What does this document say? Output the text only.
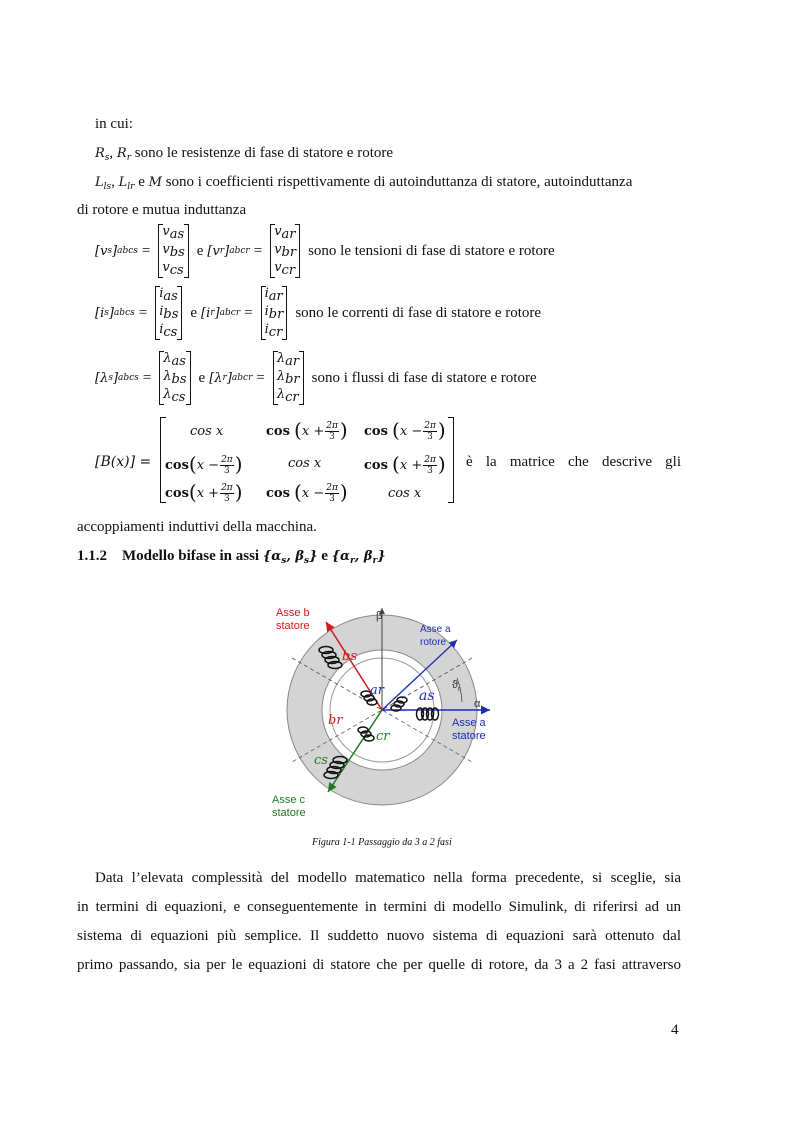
in cui:
$R_s$, $R_r$ sono le resistenze di fase di statore e rotore
$L_{ls}$, $L_{lr}$ e M sono i coefficienti rispettivamente di autoinduttanza di statore, autoinduttanza
di rotore e mutua induttanza
[v s ] abcs =
vas
vbs
vcs
e [v r ] abcr =
var
vbr
vcr
sono le tensioni di fase di statore e rotore
[i s ] abcs =
ias
ibs
ics
e [i r ] abcr =
iar
ibr
icr
sono le correnti di fase di statore e rotore
[λ s ] abcs =
λas
λbs
λcs
e [λ r ] abcr =
λar
λbr
λcr
sono i flussi di fase di statore e rotore
[B(x)] =
cos x	$\cos (x + \frac{2\pi}{3}$ ) $\cos (x - \frac{2\pi}{3}$ )
$\cos(x - \frac{2\pi}{3}$ )	cos x	$\cos (x + \frac{2\pi}{3}$ )
$\cos(x + \frac{2\pi}{3}$ ) $\cos (x - \frac{2\pi}{3}$ )	cos x
è la matrice che descrive gli
accoppiamenti induttivi della macchina.
1.1.2 Modello bifase in assi {$\alpha_s$, $\beta_s$} e {$\alpha_r$, $\beta_r$}
Asse b
statore
β
Asse a
rotore
$ϑ_r$
α
Asse a
statore
Asse c
statore
bs
ar	as
br
cr
cs
Figura 1-1 Passaggio da 3 a 2 fasi
Data l’elevata complessità del modello matematico nella forma precedente, si sceglie, sia
in termini di equazioni, e conseguentemente in termini di modello Simulink, di riferirsi ad un
sistema di equazioni più semplice. Il suddetto nuovo sistema di equazioni sarà ottenuto dal
primo passando, sia per le equazioni di statore che per quelle di rotore, da 3 a 2 fasi attraverso
4
